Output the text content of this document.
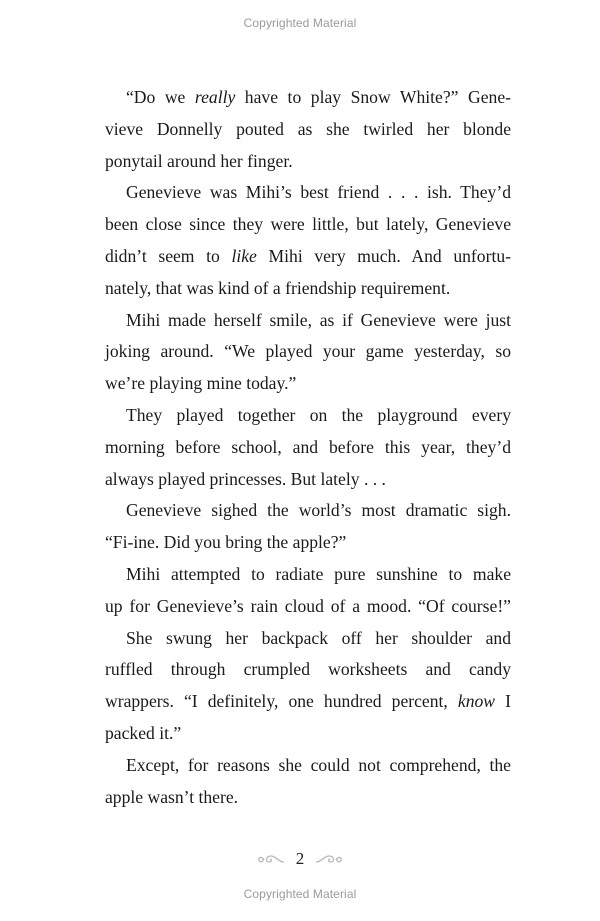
Copyrighted Material
“Do we really have to play Snow White?” Gene-
vieve Donnelly pouted as she twirled her blonde
ponytail around her finger.
Genevieve was Mihi’s best friend . . . ish. They’d
been close since they were little, but lately, Genevieve
didn’t seem to like Mihi very much. And unfortu-
nately, that was kind of a friendship requirement.
Mihi made herself smile, as if Genevieve were just
joking around. “We played your game yesterday, so
we’re playing mine today.”
They played together on the playground every
morning before school, and before this year, they’d
always played princesses. But lately . . .
Genevieve sighed the world’s most dramatic sigh.
“Fi-ine. Did you bring the apple?”
Mihi attempted to radiate pure sunshine to make
up for Genevieve’s rain cloud of a mood. “Of course!”
She swung her backpack off her shoulder and
ruffled through crumpled worksheets and candy
wrappers. “I definitely, one hundred percent, know I
packed it.”
Except, for reasons she could not comprehend, the
apple wasn’t there.
2
Copyrighted Material
